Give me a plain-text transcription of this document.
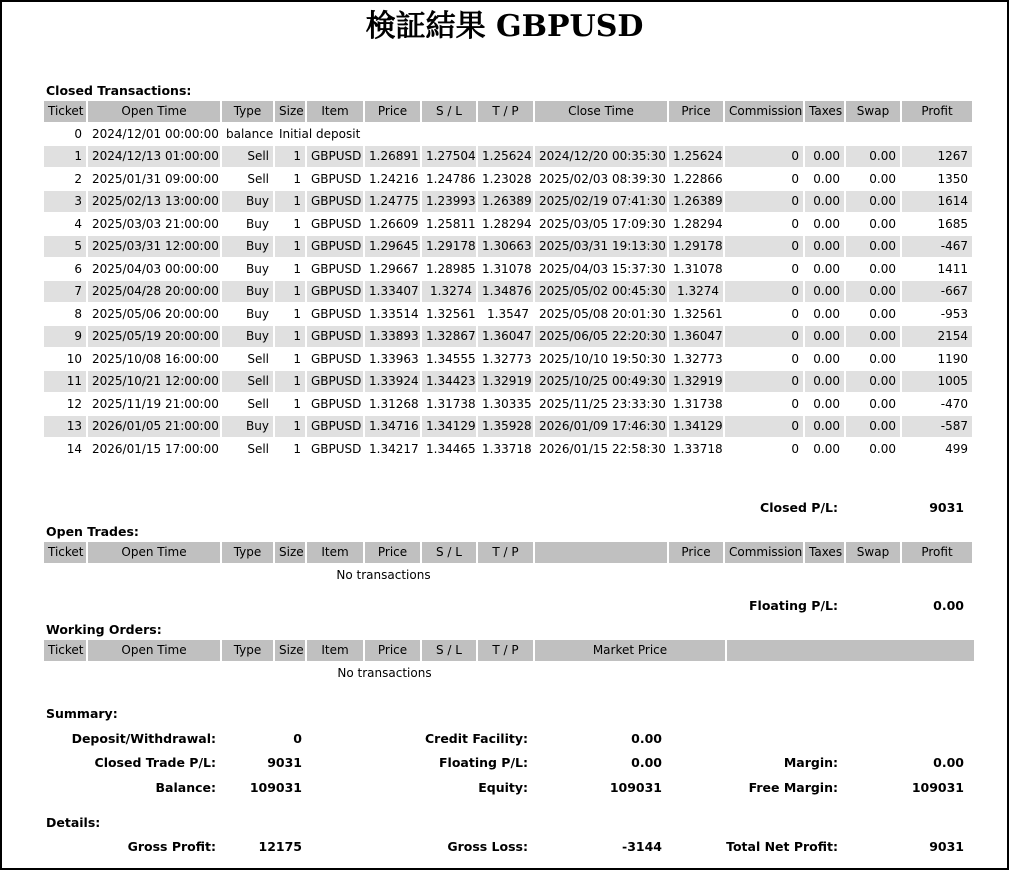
検証結果 GBPUSD
Closed Transactions:
Ticket	Open Time	Type	Size	Item	Price	S / L	T / P	Close Time	Price	Commission	Taxes	Swap	Profit	
0	2024/12/01 00:00:00	balance	Initial deposit									
1	2024/12/13 01:00:00	Sell	1	GBPUSD	1.26891	1.27504	1.25624	2024/12/20 00:35:30	1.25624	0	0.00	0.00	1267	
2	2025/01/31 09:00:00	Sell	1	GBPUSD	1.24216	1.24786	1.23028	2025/02/03 08:39:30	1.22866	0	0.00	0.00	1350	
3	2025/02/13 13:00:00	Buy	1	GBPUSD	1.24775	1.23993	1.26389	2025/02/19 07:41:30	1.26389	0	0.00	0.00	1614	
4	2025/03/03 21:00:00	Buy	1	GBPUSD	1.26609	1.25811	1.28294	2025/03/05 17:09:30	1.28294	0	0.00	0.00	1685	
5	2025/03/31 12:00:00	Buy	1	GBPUSD	1.29645	1.29178	1.30663	2025/03/31 19:13:30	1.29178	0	0.00	0.00	-467	
6	2025/04/03 00:00:00	Buy	1	GBPUSD	1.29667	1.28985	1.31078	2025/04/03 15:37:30	1.31078	0	0.00	0.00	1411	
7	2025/04/28 20:00:00	Buy	1	GBPUSD	1.33407	1.3274	1.34876	2025/05/02 00:45:30	1.3274	0	0.00	0.00	-667	
8	2025/05/06 20:00:00	Buy	1	GBPUSD	1.33514	1.32561	1.3547	2025/05/08 20:01:30	1.32561	0	0.00	0.00	-953	
9	2025/05/19 20:00:00	Buy	1	GBPUSD	1.33893	1.32867	1.36047	2025/06/05 22:20:30	1.36047	0	0.00	0.00	2154	
10	2025/10/08 16:00:00	Sell	1	GBPUSD	1.33963	1.34555	1.32773	2025/10/10 19:50:30	1.32773	0	0.00	0.00	1190	
11	2025/10/21 12:00:00	Sell	1	GBPUSD	1.33924	1.34423	1.32919	2025/10/25 00:49:30	1.32919	0	0.00	0.00	1005	
12	2025/11/19 21:00:00	Sell	1	GBPUSD	1.31268	1.31738	1.30335	2025/11/25 23:33:30	1.31738	0	0.00	0.00	-470	
13	2026/01/05 21:00:00	Buy	1	GBPUSD	1.34716	1.34129	1.35928	2026/01/09 17:46:30	1.34129	0	0.00	0.00	-587	
14	2026/01/15 17:00:00	Sell	1	GBPUSD	1.34217	1.34465	1.33718	2026/01/15 22:58:30	1.33718	0	0.00	0.00	499	
Closed P/L:	9031
Open Trades:
Ticket	Open Time	Type	Size	Item	Price	S / L	T / P		Price	Commission	Taxes	Swap	Profit
No transactions													
Floating P/L:	0.00
Working Orders:
Ticket	Open Time	Type	Size	Item	Price	S / L	T / P	Market Price	
No transactions									
Summary:
Deposit/Withdrawal:	0	Credit Facility:	0.00
Closed Trade P/L:	9031	Floating P/L:	0.00	Margin:	0.00
Balance:	109031	Equity:	109031	Free Margin:	109031
Details:
Gross Profit:	12175	Gross Loss:	-3144	Total Net Profit:	9031
